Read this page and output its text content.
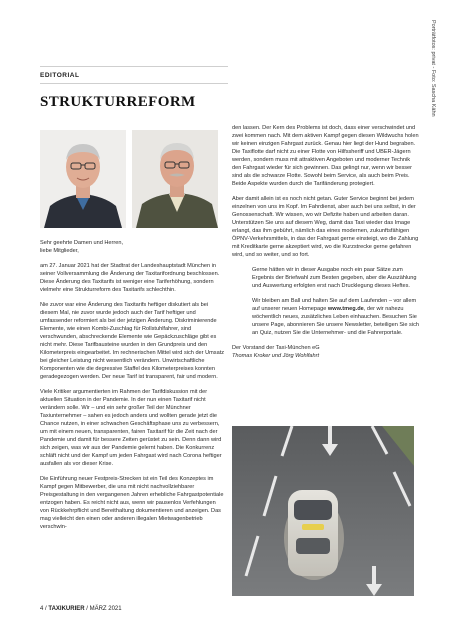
Porträtfotos: privat - Foto: Sascha Kähn
EDITORIAL
STRUKTURREFORM

Sehr geehrte Damen und Herren,
liebe Mitglieder,

am 27. Januar 2021 hat der Stadtrat der Landeshauptstadt München in seiner Vollversammlung die Änderung der Taxitarifordnung beschlossen. Diese Änderung des Taxitarifs ist weniger eine Tariferhöhung, sondern vielmehr eine Strukturreform des Taxitarifs schlechthin.

Nie zuvor war eine Änderung des Taxitarifs heftiger diskutiert als bei diesem Mal, nie zuvor wurde jedoch auch der Tarif heftiger und umfassender reformiert als bei der jetzigen Änderung. Diskriminierende Elemente, wie einen Kombi-Zuschlag für Rollstuhlfahrer, sind verschwunden, abschreckende Elemente wie Gepäckzuschläge gibt es nicht mehr. Diese Tarifbausteine wurden in den Grundpreis und den Kilometerpreis eingearbeitet. Im rechnerischen Mittel wird sich der Umsatz bei gleicher Leistung nicht wesentlich verändern. Unwirtschaftliche Komponenten wie die degressive Staffel des Kilometerpreises konnten geradegezogen werden. Der neue Tarif ist transparent, fair und modern.

Viele Kritiker argumentierten im Rahmen der Tarifdiskussion mit der aktuellen Situation in der Pandemie. In der nun einen Taxitarif nicht verändern solle. Wir – und ein sehr großer Teil der Münchner Taxiunternehmer – sahen es jedoch anders und wollten gerade jetzt die Chance nutzen, in einer schwachen Geschäftsphase uns zu verbessern, um mit einem neuen, transparenten, fairen Taxitarif für die Zeit nach der Pandemie und damit für bessere Zeiten gerüstet zu sein. Denn dann wird sich zeigen, was wir aus der Pandemie gelernt haben. Die Konkurrenz schläft nicht und der Kampf um jeden Fahrgast wird nach Corona heftiger ausfallen als vor dieser Krise.

Die Einführung neuer Festpreis-Strecken ist ein Teil des Konzeptes im Kampf gegen Mitbewerber, die uns mit nicht nachvollziehbarer Preisgestaltung in den vergangenen Jahren erhebliche Fahrgastpotentiale entzogen haben. Es reicht nicht aus, wenn wir pausenlos Verfehlungen von Rückkehrpflicht und Bereithaltung dokumentieren und anzeigen. Das mag vielleicht den einen oder anderen illegalen Mietwagenbetrieb verschwin-

den lassen. Der Kern des Problems ist doch, dass einer verschwindet und zwei kommen nach. Mit dem aktiven Kampf gegen diesen Wildwuchs holen wir keinen einzigen Fahrgast zurück. Genau hier liegt der Hund begraben. Die Taxiflotte darf nicht zu einer Flotte von Hilfssheriff und UBER-Jägern werden, sondern muss mit attraktiven Angeboten und moderner Technik den Fahrgast wieder für sich gewinnen. Das gelingt nur, wenn wir besser sind als die schwarze Flotte. Sowohl beim Service, als auch beim Preis. Beide Aspekte wurden durch die Tarifänderung protegiert.

Aber damit allein ist es noch nicht getan. Guter Service beginnt bei jedem einzelnen von uns im Kopf. Im Fahrdienst, aber auch bei uns selbst, in der Genossenschaft. Wir wissen, wo wir Defizite haben und arbeiten daran. Unterstützen Sie uns auf diesem Weg, damit das Taxi wieder das Image erlangt, das ihm gebührt, nämlich das eines modernen, zukunftsfähigen ÖPNV-Verkehrsmittels, in das der Fahrgast gerne einsteigt, wo die Zahlung mit Kreditkarte gerne akzeptiert wird, wo die Kurzstrecke gerne gefahren wird, und so weiter, und so fort.

Gerne hätten wir in dieser Ausgabe noch ein paar Sätze zum Ergebnis der Briefwahl zum Besten gegeben, aber die Auszählung und Auswertung erfolgten erst nach Drucklegung dieses Heftes.

Wir bleiben am Ball und halten Sie auf dem Laufenden – vor allem auf unserer neuen Homepage www.tmeg.de, der wir nahezu wöchentlich neues, zusätzliches Leben einhauchen. Besuchen Sie unsere Page, abonnieren Sie unsere Newsletter, beteiligen Sie sich an Quiz, nutzen Sie die Unternehmer- und die Fahrerportale.

Der Vorstand der Taxi-München eG
Thomas Kroker und Jörg Wohlfahrt

4 / TAXIKURIER / MÄRZ 2021
